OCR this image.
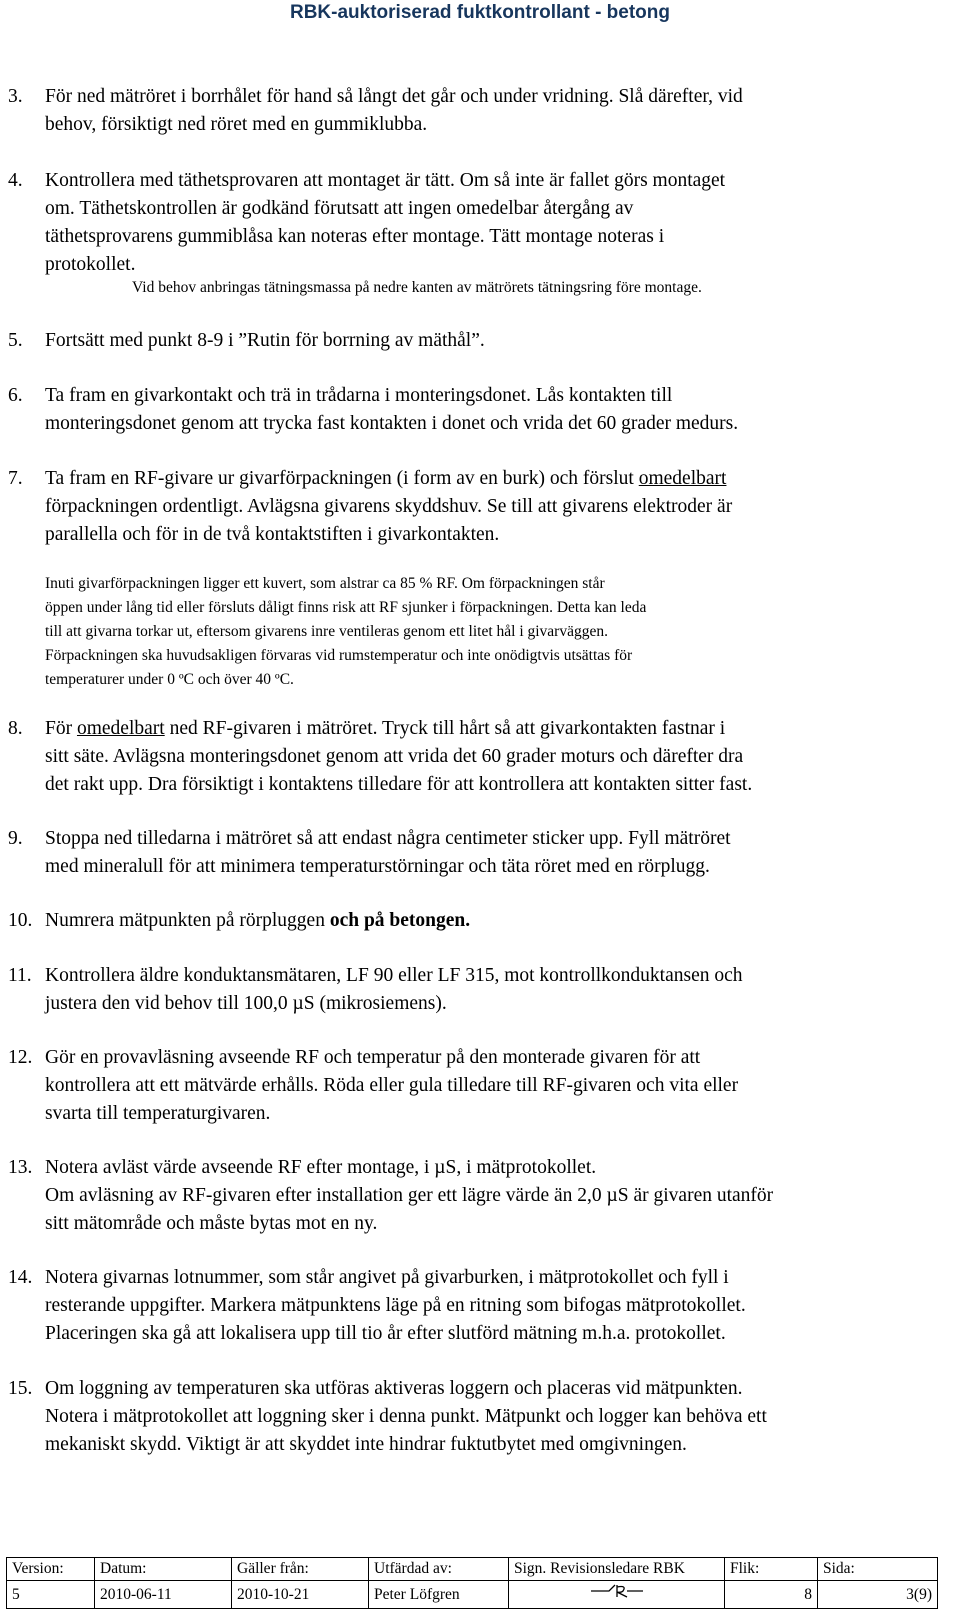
RBK-auktoriserad fuktkontrollant - betong
3. För ned mätröret i borrhålet för hand så långt det går och under vridning. Slå därefter, vid
behov, försiktigt ned röret med en gummiklubba.
4. Kontrollera med täthetsprovaren att montaget är tätt. Om så inte är fallet görs montaget
om. Täthetskontrollen är godkänd förutsatt att ingen omedelbar återgång av
täthetsprovarens gummiblåsa kan noteras efter montage. Tätt montage noteras i
protokollet.
Vid behov anbringas tätningsmassa på nedre kanten av mätrörets tätningsring före montage.
5. Fortsätt med punkt 8-9 i ”Rutin för borrning av mäthål”.
6. Ta fram en givarkontakt och trä in trådarna i monteringsdonet. Lås kontakten till
monteringsdonet genom att trycka fast kontakten i donet och vrida det 60 grader medurs.
7. Ta fram en RF-givare ur givarförpackningen (i form av en burk) och förslut omedelbart
förpackningen ordentligt. Avlägsna givarens skyddshuv. Se till att givarens elektroder är
parallella och för in de två kontaktstiften i givarkontakten.
Inuti givarförpackningen ligger ett kuvert, som alstrar ca 85 % RF. Om förpackningen står
öppen under lång tid eller försluts dåligt finns risk att RF sjunker i förpackningen. Detta kan leda
till att givarna torkar ut, eftersom givarens inre ventileras genom ett litet hål i givarväggen.
Förpackningen ska huvudsakligen förvaras vid rumstemperatur och inte onödigtvis utsättas för
temperaturer under 0 ºC och över 40 ºC.
8. För omedelbart ned RF-givaren i mätröret. Tryck till hårt så att givarkontakten fastnar i
sitt säte. Avlägsna monteringsdonet genom att vrida det 60 grader moturs och därefter dra
det rakt upp. Dra försiktigt i kontaktens tilledare för att kontrollera att kontakten sitter fast.
9. Stoppa ned tilledarna i mätröret så att endast några centimeter sticker upp. Fyll mätröret
med mineralull för att minimera temperaturstörningar och täta röret med en rörplugg.
10. Numrera mätpunkten på rörpluggen och på betongen.
11. Kontrollera äldre konduktansmätaren, LF 90 eller LF 315, mot kontrollkonduktansen och
justera den vid behov till 100,0 µS (mikrosiemens).
12. Gör en provavläsning avseende RF och temperatur på den monterade givaren för att
kontrollera att ett mätvärde erhålls. Röda eller gula tilledare till RF-givaren och vita eller
svarta till temperaturgivaren.
13. Notera avläst värde avseende RF efter montage, i µS, i mätprotokollet.
Om avläsning av RF-givaren efter installation ger ett lägre värde än 2,0 µS är givaren utanför
sitt mätområde och måste bytas mot en ny.
14. Notera givarnas lotnummer, som står angivet på givarburken, i mätprotokollet och fyll i
resterande uppgifter. Markera mätpunktens läge på en ritning som bifogas mätprotokollet.
Placeringen ska gå att lokalisera upp till tio år efter slutförd mätning m.h.a. protokollet.
15. Om loggning av temperaturen ska utföras aktiveras loggern och placeras vid mätpunkten.
Notera i mätprotokollet att loggning sker i denna punkt. Mätpunkt och logger kan behöva ett
mekaniskt skydd. Viktigt är att skyddet inte hindrar fuktutbytet med omgivningen.
Version:	Datum:	Gäller från:	Utfärdad av:	Sign. Revisionsledare RBK	Flik:	Sida:
5	2010-06-11	2010-10-21	Peter Löfgren		8	3(9)
